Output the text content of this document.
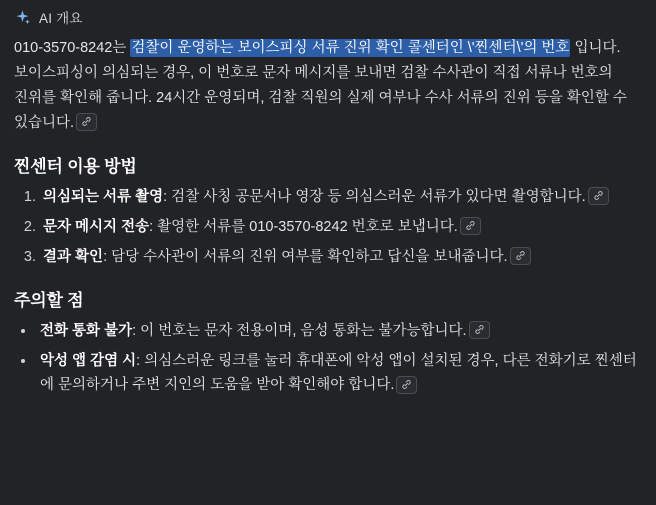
AI 개요

010-3570-8242는 검찰이 운영하는 보이스피싱 서류 진위 확인 콜센터인 \'찐센터\'의 번호 입니다. 보이스피싱이 의심되는 경우, 이 번호로 문자 메시지를 보내면 검찰 수사관이 직접 서류나 번호의 진위를 확인해 줍니다. 24시간 운영되며, 검찰 직원의 실제 여부나 수사 서류의 진위 등을 확인할 수 있습니다.

찐센터 이용 방법
1. 의심되는 서류 촬영: 검찰 사칭 공문서나 영장 등 의심스러운 서류가 있다면 촬영합니다.
2. 문자 메시지 전송: 촬영한 서류를 010-3570-8242 번호로 보냅니다.
3. 결과 확인: 담당 수사관이 서류의 진위 여부를 확인하고 답신을 보내줍니다.
주의할 점
• 전화 통화 불가: 이 번호는 문자 전용이며, 음성 통화는 불가능합니다.
• 악성 앱 감염 시: 의심스러운 링크를 눌러 휴대폰에 악성 앱이 설치된 경우, 다른 전화기로 찐센터에 문의하거나 주변 지인의 도움을 받아 확인해야 합니다.
